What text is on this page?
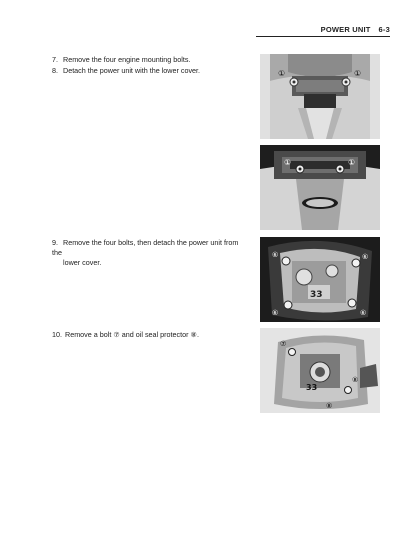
POWER UNIT 6-3
7. Remove the four engine mounting bolts.
8. Detach the power unit with the lower cover.
9. Remove the four bolts, then detach the power unit from the
lower cover.
10. Remove a bolt ⑦ and oil seal protector ⑧.
①	①
①	①
33
⑥	⑥
⑥	⑥
33
⑦
⑧
⑧
